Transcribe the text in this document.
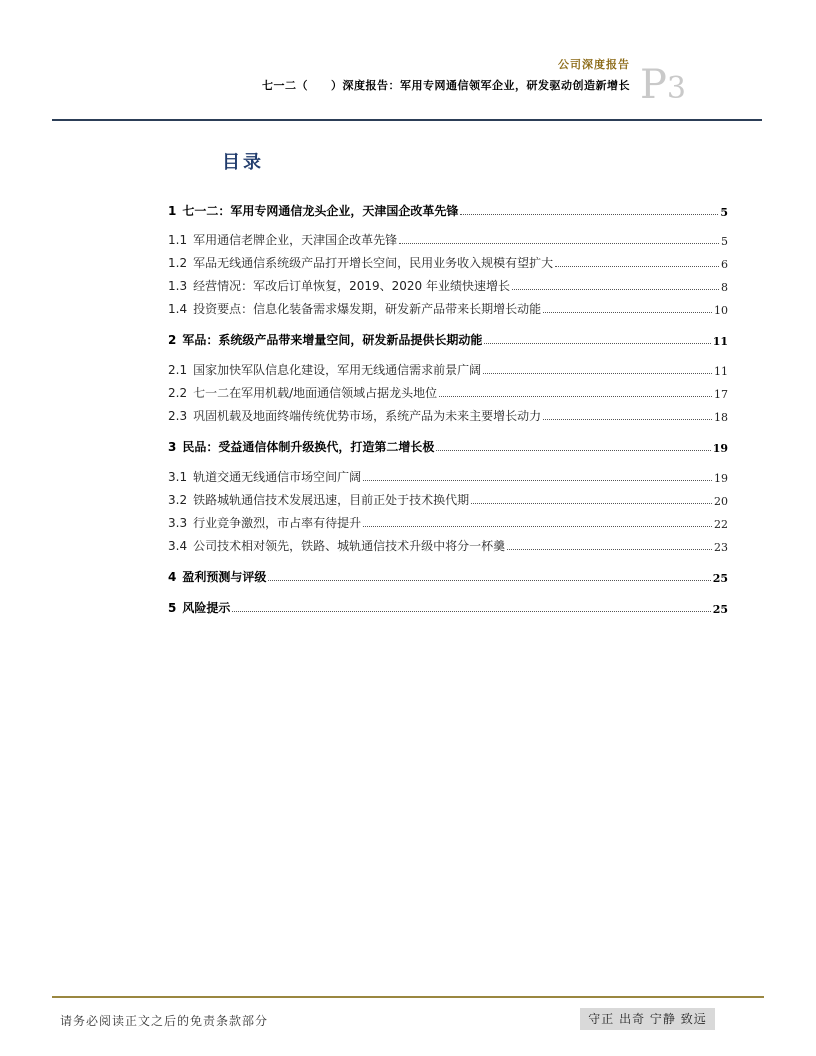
公司深度报告
七一二（　　）深度报告：军用专网通信领军企业，研发驱动创造新增长 P3
目录
1 七一二：军用专网通信龙头企业，天津国企改革先锋	5
1.1 军用通信老牌企业，天津国企改革先锋	5
1.2 军品无线通信系统级产品打开增长空间，民用业务收入规模有望扩大	6
1.3 经营情况：军改后订单恢复，2019、2020 年业绩快速增长	8
1.4 投资要点：信息化装备需求爆发期，研发新产品带来长期增长动能	10
2 军品：系统级产品带来增量空间，研发新品提供长期动能	11
2.1 国家加快军队信息化建设，军用无线通信需求前景广阔	11
2.2 七一二在军用机载/地面通信领域占据龙头地位	17
2.3 巩固机载及地面终端传统优势市场，系统产品为未来主要增长动力	18
3 民品：受益通信体制升级换代，打造第二增长极	19
3.1 轨道交通无线通信市场空间广阔	19
3.2 铁路城轨通信技术发展迅速，目前正处于技术换代期	20
3.3 行业竞争激烈，市占率有待提升	22
3.4 公司技术相对领先，铁路、城轨通信技术升级中将分一杯羹	23
4 盈利预测与评级	25
5 风险提示	25
请务必阅读正文之后的免责条款部分	守正 出奇 宁静 致远
